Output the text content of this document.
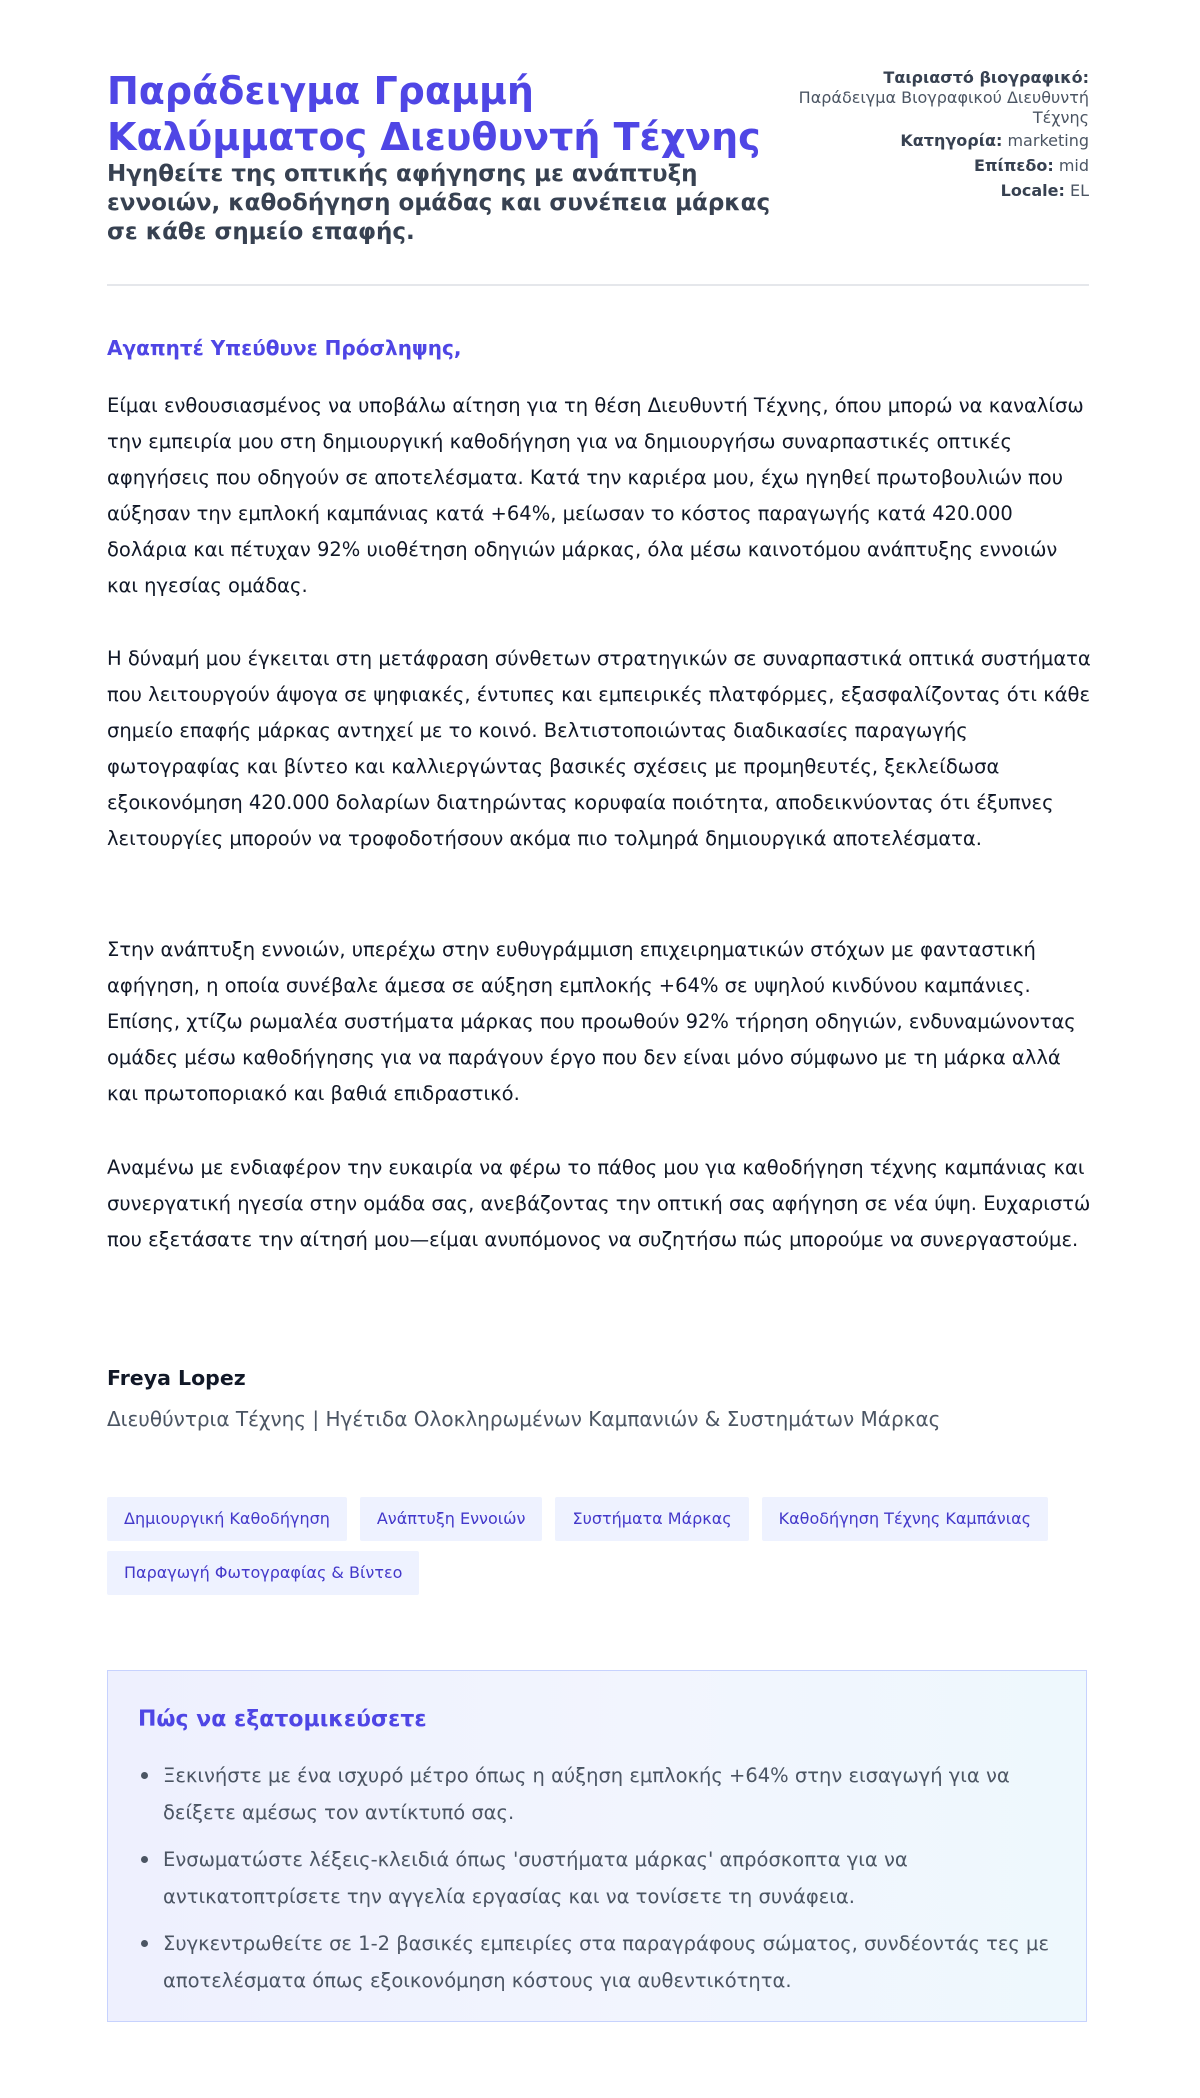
Παράδειγμα Γραμμή Καλύμματος Διευθυντή Τέχνης
Ηγηθείτε της οπτικής αφήγησης με ανάπτυξη εννοιών, καθοδήγηση ομάδας και συνέπεια μάρκας σε κάθε σημείο επαφής.
Ταιριαστό βιογραφικό:
Παράδειγμα Βιογραφικού Διευθυντή Τέχνης
Κατηγορία: marketing
Επίπεδο: mid
Locale: EL

Αγαπητέ Υπεύθυνε Πρόσληψης,

Είμαι ενθουσιασμένος να υποβάλω αίτηση για τη θέση Διευθυντή Τέχνης, όπου μπορώ να καναλίσω την εμπειρία μου στη δημιουργική καθοδήγηση για να δημιουργήσω συναρπαστικές οπτικές αφηγήσεις που οδηγούν σε αποτελέσματα. Κατά την καριέρα μου, έχω ηγηθεί πρωτοβουλιών που αύξησαν την εμπλοκή καμπάνιας κατά +64%, μείωσαν το κόστος παραγωγής κατά 420.000 δολάρια και πέτυχαν 92% υιοθέτηση οδηγιών μάρκας, όλα μέσω καινοτόμου ανάπτυξης εννοιών και ηγεσίας ομάδας.

Η δύναμή μου έγκειται στη μετάφραση σύνθετων στρατηγικών σε συναρπαστικά οπτικά συστήματα που λειτουργούν άψογα σε ψηφιακές, έντυπες και εμπειρικές πλατφόρμες, εξασφαλίζοντας ότι κάθε σημείο επαφής μάρκας αντηχεί με το κοινό. Βελτιστοποιώντας διαδικασίες παραγωγής φωτογραφίας και βίντεο και καλλιεργώντας βασικές σχέσεις με προμηθευτές, ξεκλείδωσα εξοικονόμηση 420.000 δολαρίων διατηρώντας κορυφαία ποιότητα, αποδεικνύοντας ότι έξυπνες λειτουργίες μπορούν να τροφοδοτήσουν ακόμα πιο τολμηρά δημιουργικά αποτελέσματα.

Στην ανάπτυξη εννοιών, υπερέχω στην ευθυγράμμιση επιχειρηματικών στόχων με φανταστική αφήγηση, η οποία συνέβαλε άμεσα σε αύξηση εμπλοκής +64% σε υψηλού κινδύνου καμπάνιες. Επίσης, χτίζω ρωμαλέα συστήματα μάρκας που προωθούν 92% τήρηση οδηγιών, ενδυναμώνοντας ομάδες μέσω καθοδήγησης για να παράγουν έργο που δεν είναι μόνο σύμφωνο με τη μάρκα αλλά και πρωτοποριακό και βαθιά επιδραστικό.

Αναμένω με ενδιαφέρον την ευκαιρία να φέρω το πάθος μου για καθοδήγηση τέχνης καμπάνιας και συνεργατική ηγεσία στην ομάδα σας, ανεβάζοντας την οπτική σας αφήγηση σε νέα ύψη. Ευχαριστώ που εξετάσατε την αίτησή μου—είμαι ανυπόμονος να συζητήσω πώς μπορούμε να συνεργαστούμε.

Freya Lopez

Διευθύντρια Τέχνης | Ηγέτιδα Ολοκληρωμένων Καμπανιών & Συστημάτων Μάρκας

Δημιουργική Καθοδήγηση	Ανάπτυξη Εννοιών	Συστήματα Μάρκας	Καθοδήγηση Τέχνης Καμπάνιας
Παραγωγή Φωτογραφίας & Βίντεο
Πώς να εξατομικεύσετε
Ξεκινήστε με ένα ισχυρό μέτρο όπως η αύξηση εμπλοκής +64% στην εισαγωγή για να δείξετε αμέσως τον αντίκτυπό σας.
Ενσωματώστε λέξεις-κλειδιά όπως 'συστήματα μάρκας' απρόσκοπτα για να αντικατοπτρίσετε την αγγελία εργασίας και να τονίσετε τη συνάφεια.
Συγκεντρωθείτε σε 1-2 βασικές εμπειρίες στα παραγράφους σώματος, συνδέοντάς τες με αποτελέσματα όπως εξοικονόμηση κόστους για αυθεντικότητα.
